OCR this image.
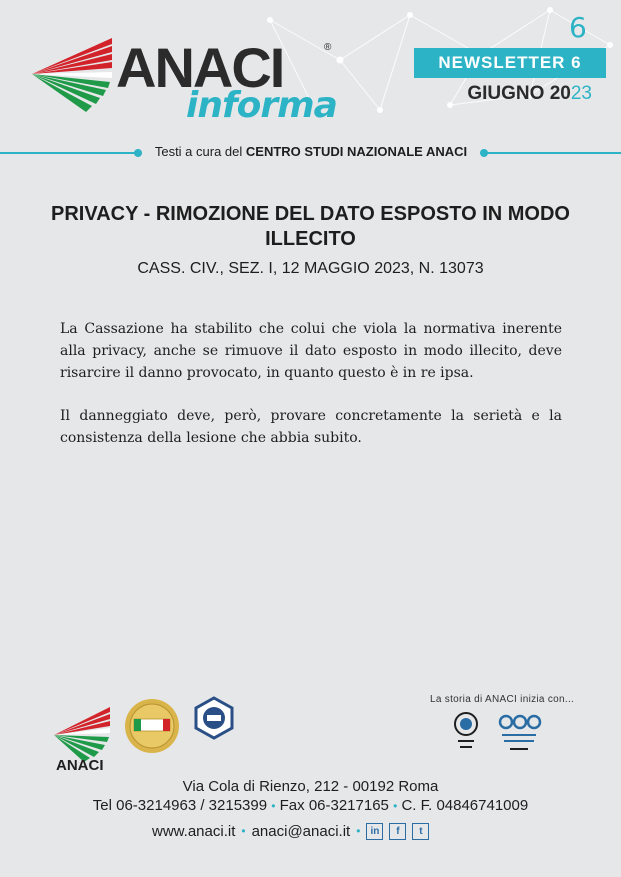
ANACI	®
informa
6
NEWSLETTER 6
GIUGNO 2023
Testi a cura del CENTRO STUDI NAZIONALE ANACI
PRIVACY - RIMOZIONE DEL DATO ESPOSTO IN MODO ILLECITO
CASS. CIV., SEZ. I, 12 MAGGIO 2023, N. 13073

La Cassazione ha stabilito che colui che viola la normativa inerente alla privacy, anche se rimuove il dato esposto in modo illecito, deve risarcire il danno provocato, in quanto questo è in re ipsa.

Il danneggiato deve, però, provare concretamente la serietà e la consistenza della lesione che abbia subito.

ANACI
La storia di ANACI inizia con...
Via Cola di Rienzo, 212 - 00192 Roma
Tel 06-3214963 / 3215399 • Fax 06-3217165 • C. F. 04846741009
www.anaci.it • anaci@anaci.it •	in	f	t
